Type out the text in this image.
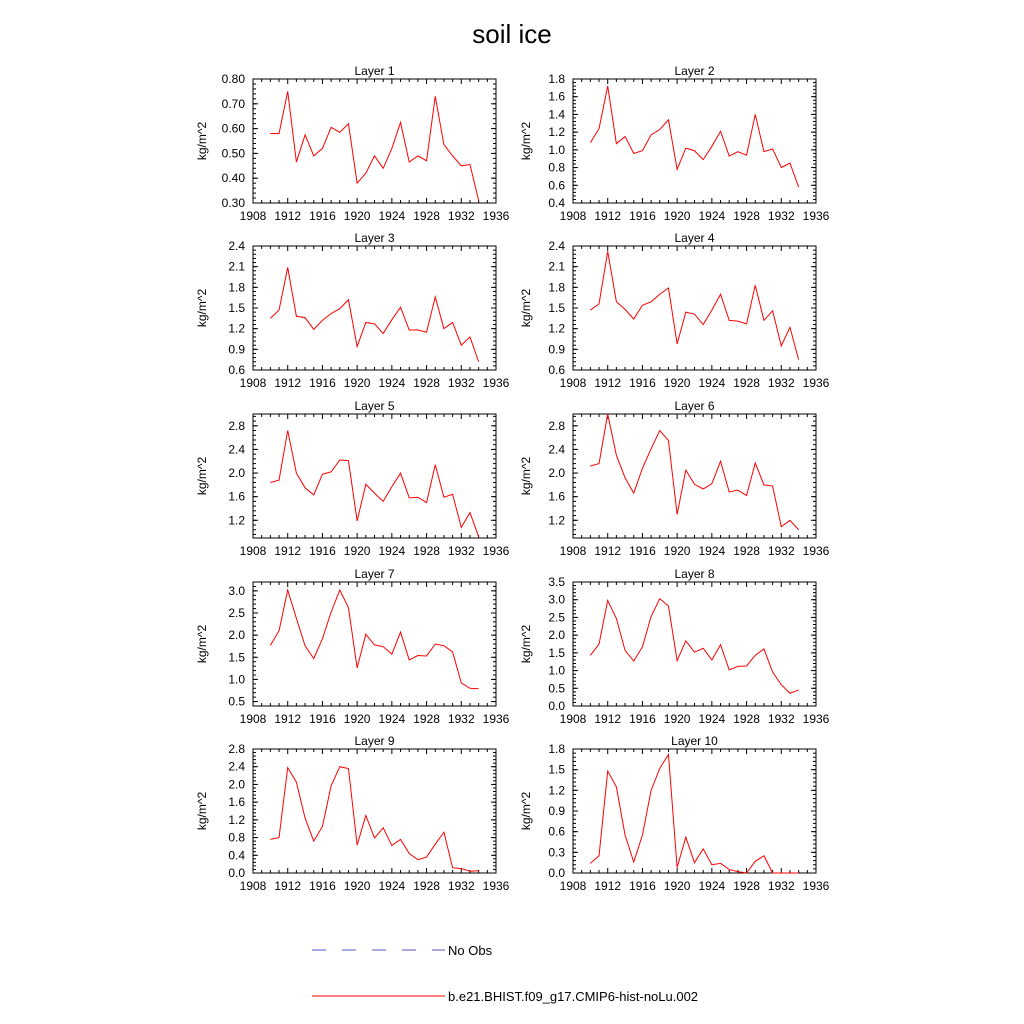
soil ice
Layer 1
1908 1912 1916 1920 1924 1928 1932 1936
0.30
0.40
0.50
0.60
0.70
0.80
kg/m^2
Layer 2
1908 1912 1916 1920 1924 1928 1932 1936
0.4
0.6
0.8
1.0
1.2
1.4
1.6
1.8
kg/m^2
Layer 3
1908 1912 1916 1920 1924 1928 1932 1936
0.6
0.9
1.2
1.5
1.8
2.1
2.4
kg/m^2
Layer 4
1908 1912 1916 1920 1924 1928 1932 1936
0.6
0.9
1.2
1.5
1.8
2.1
2.4
kg/m^2
Layer 5
1908 1912 1916 1920 1924 1928 1932 1936
1.2
1.6
2.0
2.4
2.8
kg/m^2
Layer 6
1908 1912 1916 1920 1924 1928 1932 1936
1.2
1.6
2.0
2.4
2.8
kg/m^2
Layer 7
1908 1912 1916 1920 1924 1928 1932 1936
0.5
1.0
1.5
2.0
2.5
3.0
kg/m^2
Layer 8
1908 1912 1916 1920 1924 1928 1932 1936
0.0
0.5
1.0
1.5
2.0
2.5
3.0
3.5
kg/m^2
Layer 9
1908 1912 1916 1920 1924 1928 1932 1936
0.0
0.4
0.8
1.2
1.6
2.0
2.4
2.8
kg/m^2
Layer 10
1908 1912 1916 1920 1924 1928 1932 1936
0.0
0.3
0.6
0.9
1.2
1.5
1.8
kg/m^2
No Obs
b.e21.BHIST.f09_g17.CMIP6-hist-noLu.002
